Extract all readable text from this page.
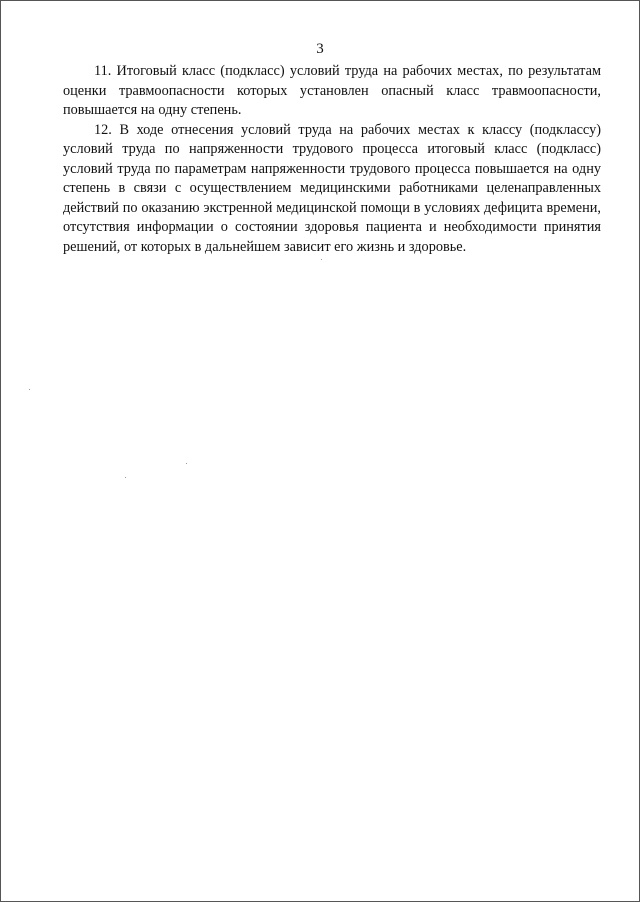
3

11. Итоговый класс (подкласс) условий труда на рабочих местах, по результатам оценки травмоопасности которых установлен опасный класс травмоопасности, повышается на одну степень.

12. В ходе отнесения условий труда на рабочих местах к классу (подклассу) условий труда по напряженности трудового процесса итоговый класс (подкласс) условий труда по параметрам напряженности трудового процесса повышается на одну степень в связи с осуществлением медицинскими работниками целенаправленных действий по оказанию экстренной медицинской помощи в условиях дефицита времени, отсутствия информации о состоянии здоровья пациента и необходимости принятия решений, от которых в дальнейшем зависит его жизнь и здоровье.
